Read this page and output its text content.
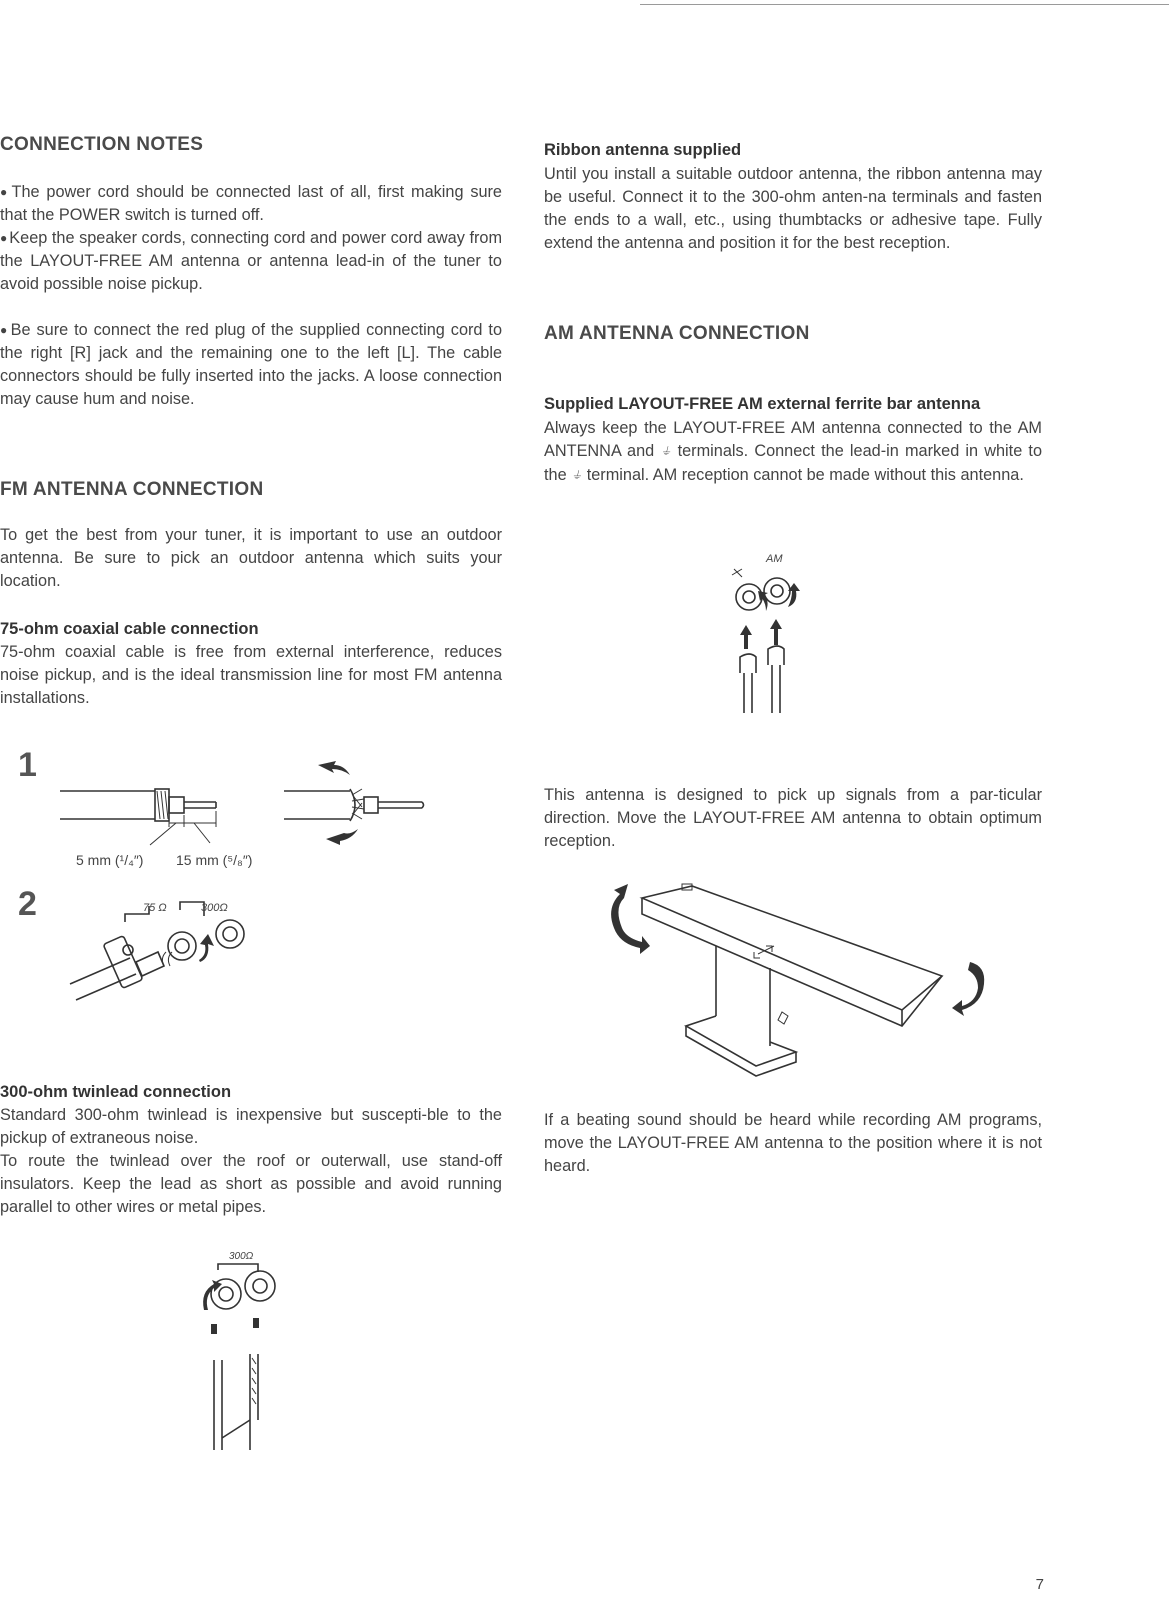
CONNECTION NOTES

● The power cord should be connected last of all, first making sure that the POWER switch is turned off.

● Keep the speaker cords, connecting cord and power cord away from the LAYOUT-FREE AM antenna or antenna lead-in of the tuner to avoid possible noise pickup.

● Be sure to connect the red plug of the supplied connecting cord to the right [R] jack and the remaining one to the left [L]. The cable connectors should be fully inserted into the jacks. A loose connection may cause hum and noise.

FM ANTENNA CONNECTION

To get the best from your tuner, it is important to use an outdoor antenna. Be sure to pick an outdoor antenna which suits your location.

75-ohm coaxial cable connection

75-ohm coaxial cable is free from external interference, reduces noise pickup, and is the ideal transmission line for most FM antenna installations.

1
2
5 mm (¹/₄″) 15 mm (⁵/₈″)
75 Ω	300Ω
300-ohm twinlead connection

Standard 300-ohm twinlead is inexpensive but suscepti-ble to the pickup of extraneous noise.

To route the twinlead over the roof or outerwall, use stand-off insulators. Keep the lead as short as possible and avoid running parallel to other wires or metal pipes.

300Ω
Ribbon antenna supplied

Until you install a suitable outdoor antenna, the ribbon antenna may be useful. Connect it to the 300-ohm anten-na terminals and fasten the ends to a wall, etc., using thumbtacks or adhesive tape. Fully extend the antenna and position it for the best reception.

AM ANTENNA CONNECTION
Supplied LAYOUT-FREE AM external ferrite bar antenna

Always keep the LAYOUT-FREE AM antenna connected to the AM ANTENNA and ⏚ terminals. Connect the lead-in marked in white to the ⏚ terminal. AM reception cannot be made without this antenna.

AM

This antenna is designed to pick up signals from a par-ticular direction. Move the LAYOUT-FREE AM antenna to obtain optimum reception.

If a beating sound should be heard while recording AM programs, move the LAYOUT-FREE AM antenna to the position where it is not heard.

7
